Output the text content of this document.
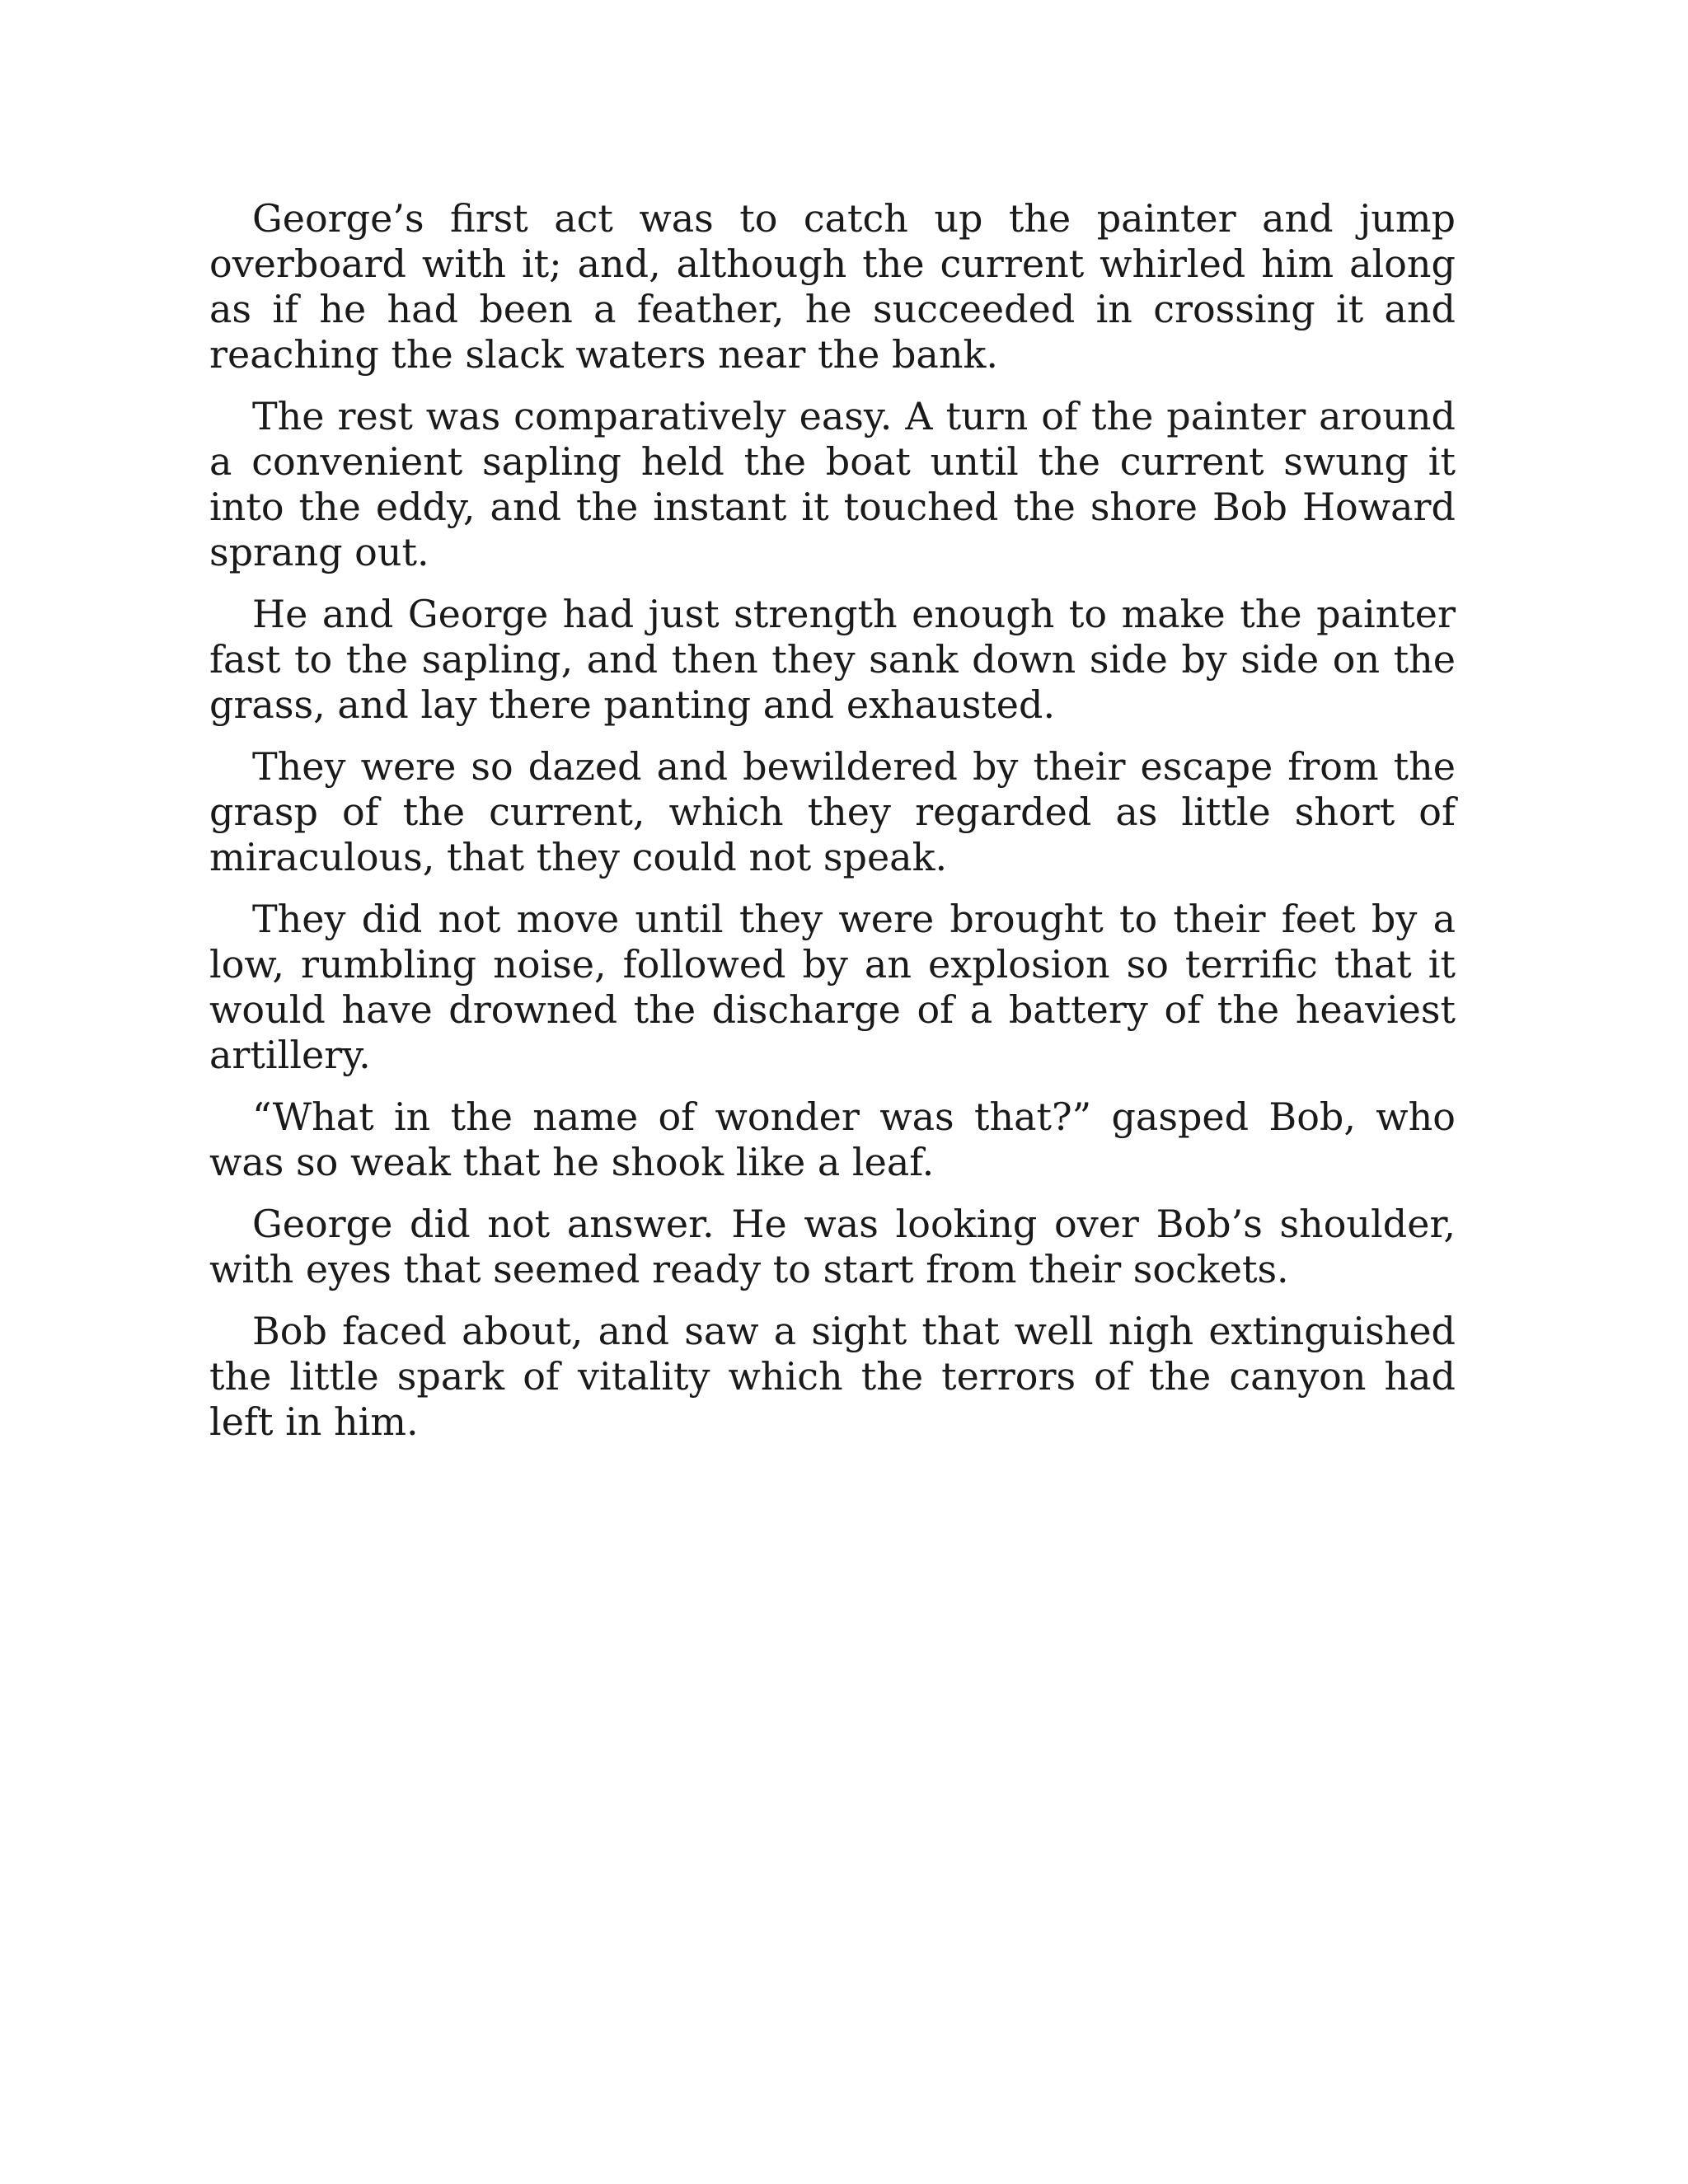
George’s first act was to catch up the painter and jump overboard with it; and, although the current whirled him along as if he had been a feather, he succeeded in crossing it and reaching the slack waters near the bank.

The rest was comparatively easy. A turn of the painter around a convenient sapling held the boat until the current swung it into the eddy, and the instant it touched the shore Bob Howard sprang out.

He and George had just strength enough to make the painter fast to the sapling, and then they sank down side by side on the grass, and lay there panting and exhausted.

They were so dazed and bewildered by their escape from the grasp of the current, which they regarded as little short of miraculous, that they could not speak.

They did not move until they were brought to their feet by a low, rumbling noise, followed by an explosion so terrific that it would have drowned the discharge of a battery of the heaviest artillery.

“What in the name of wonder was that?” gasped Bob, who was so weak that he shook like a leaf.

George did not answer. He was looking over Bob’s shoulder, with eyes that seemed ready to start from their sockets.

Bob faced about, and saw a sight that well nigh extinguished the little spark of vitality which the terrors of the canyon had left in him.
